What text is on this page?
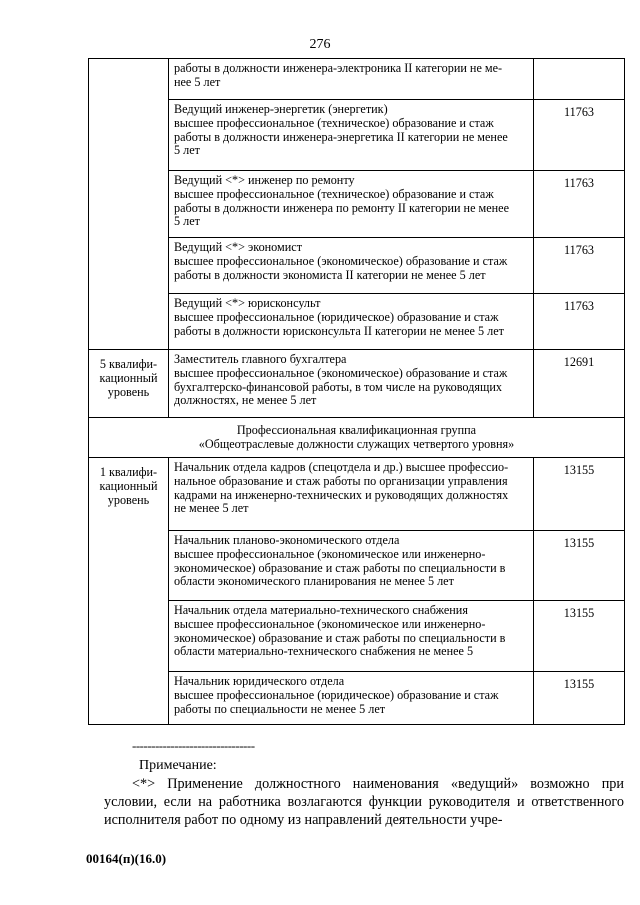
276
	работы в должности инженера-электроника II категории не ме-
нее 5 лет	
	Ведущий инженер-энергетик (энергетик)
высшее профессиональное (техническое) образование и стаж
работы в должности инженера-энергетика II категории не менее
5 лет	11763
	Ведущий <*> инженер по ремонту
высшее профессиональное (техническое) образование и стаж
работы в должности инженера по ремонту II категории не менее
5 лет	11763
	Ведущий <*> экономист
высшее профессиональное (экономическое) образование и стаж
работы в должности экономиста II категории не менее 5 лет	11763
	Ведущий <*> юрисконсульт
высшее профессиональное (юридическое) образование и стаж
работы в должности юрисконсульта II категории не менее 5 лет	11763
5 квалифи-
кационный
уровень	Заместитель главного бухгалтера
высшее профессиональное (экономическое) образование и стаж
бухгалтерско-финансовой работы, в том числе на руководящих
должностях, не менее 5 лет	12691
Профессиональная квалификационная группа
«Общеотраслевые должности служащих четвертого уровня»		
1 квалифи-
кационный
уровень	Начальник отдела кадров (спецотдела и др.) высшее профессио-
нальное образование и стаж работы по организации управления
кадрами на инженерно-технических и руководящих должностях
не менее 5 лет	13155
	Начальник планово-экономического отдела
высшее профессиональное (экономическое или инженерно-
экономическое) образование и стаж работы по специальности в
области экономического планирования не менее 5 лет	13155
	Начальник отдела материально-технического снабжения
высшее профессиональное (экономическое или инженерно-
экономическое) образование и стаж работы по специальности в
области материально-технического снабжения не менее 5	13155
	Начальник юридического отдела
высшее профессиональное (юридическое) образование и стаж
работы по специальности не менее 5 лет	13155
--------------------------------
Примечание:
<*> Применение должностного наименования «ведущий» возможно при условии, если на работника возлагаются функции руководителя и ответственного исполнителя работ по одному из направлений деятельности учре-
00164(п)(16.0)
